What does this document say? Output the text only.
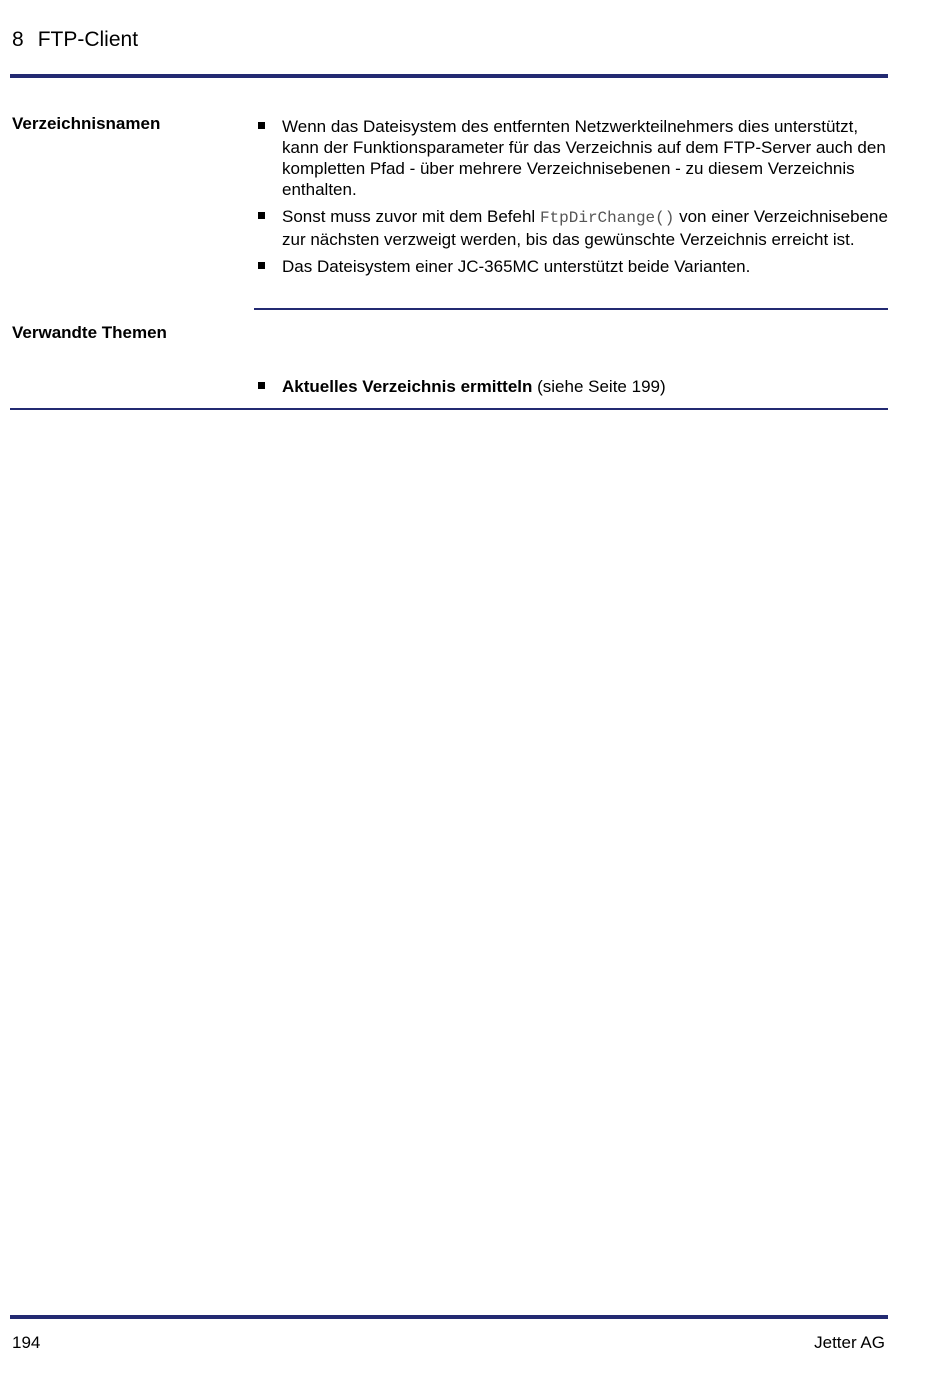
8 FTP-Client
Verzeichnisnamen	Wenn das Dateisystem des entfernten Netzwerkteilnehmers dies unterstützt, kann der Funktionsparameter für das Verzeichnis auf dem FTP-Server auch den kompletten Pfad - über mehrere Verzeichnisebenen - zu diesem Verzeichnis enthalten.
Sonst muss zuvor mit dem Befehl FtpDirChange() von einer Verzeichnisebene zur nächsten verzweigt werden, bis das gewünschte Verzeichnis erreicht ist.
Das Dateisystem einer JC-365MC unterstützt beide Varianten.
Verwandte Themen
Aktuelles Verzeichnis ermitteln (siehe Seite 199)
194	Jetter AG
